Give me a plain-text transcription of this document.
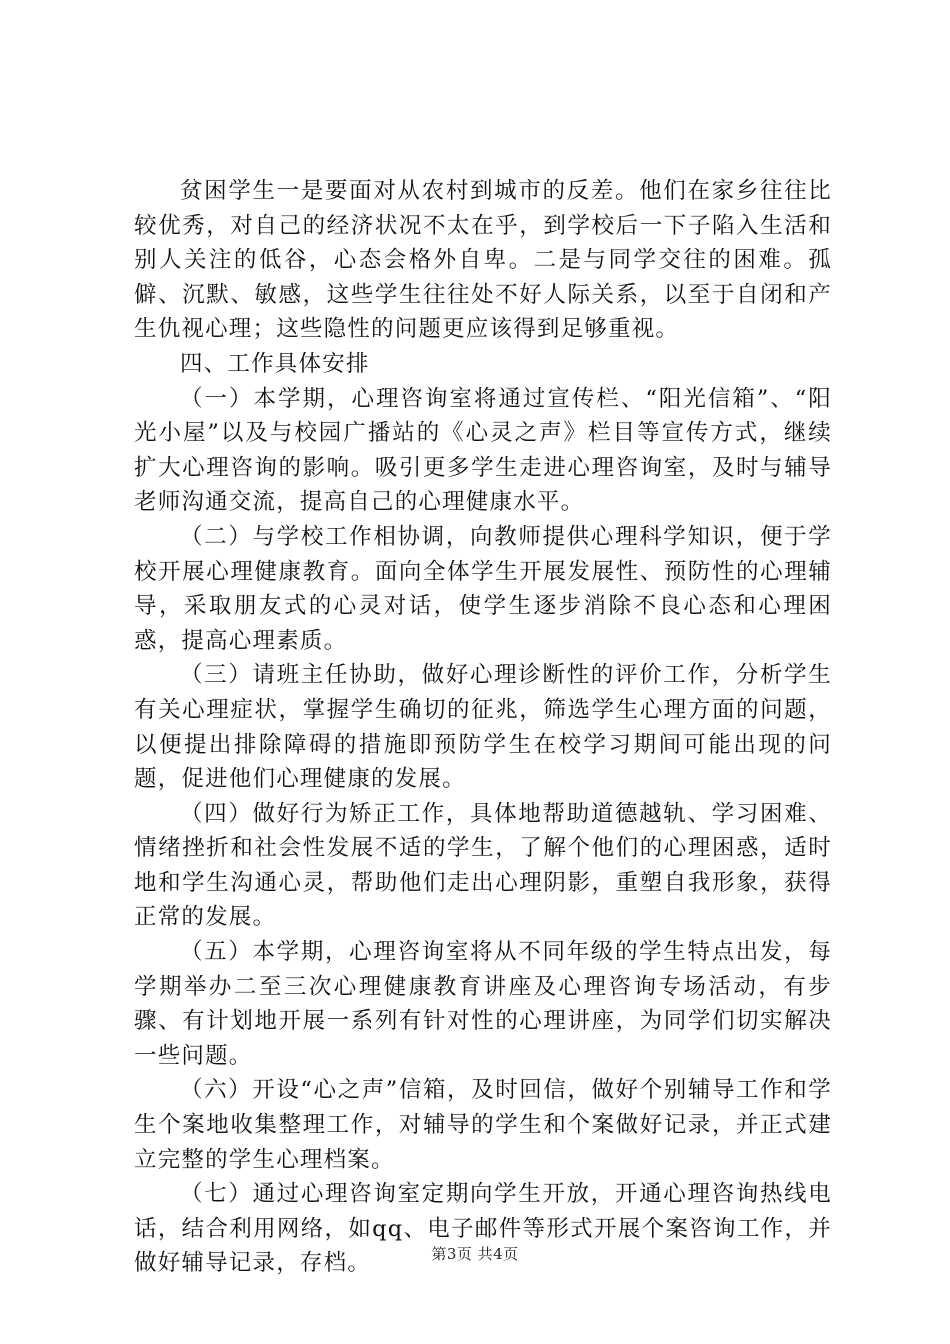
贫困学生一是要面对从农村到城市的反差。他们在家乡往往比较优秀，对自己的经济状况不太在乎，到学校后一下子陷入生活和别人关注的低谷，心态会格外自卑。二是与同学交往的困难。孤僻、沉默、敏感，这些学生往往处不好人际关系，以至于自闭和产生仇视心理；这些隐性的问题更应该得到足够重视。

四、工作具体安排

（一）本学期，心理咨询室将通过宣传栏、“阳光信箱”、“阳光小屋”以及与校园广播站的《心灵之声》栏目等宣传方式，继续扩大心理咨询的影响。吸引更多学生走进心理咨询室，及时与辅导老师沟通交流，提高自己的心理健康水平。

（二）与学校工作相协调，向教师提供心理科学知识，便于学校开展心理健康教育。面向全体学生开展发展性、预防性的心理辅导，采取朋友式的心灵对话，使学生逐步消除不良心态和心理困惑，提高心理素质。

（三）请班主任协助，做好心理诊断性的评价工作，分析学生有关心理症状，掌握学生确切的征兆，筛选学生心理方面的问题，以便提出排除障碍的措施即预防学生在校学习期间可能出现的问题，促进他们心理健康的发展。

（四）做好行为矫正工作，具体地帮助道德越轨、学习困难、情绪挫折和社会性发展不适的学生，了解个他们的心理困惑，适时地和学生沟通心灵，帮助他们走出心理阴影，重塑自我形象，获得正常的发展。

（五）本学期，心理咨询室将从不同年级的学生特点出发，每学期举办二至三次心理健康教育讲座及心理咨询专场活动，有步骤、有计划地开展一系列有针对性的心理讲座，为同学们切实解决一些问题。

（六）开设“心之声”信箱，及时回信，做好个别辅导工作和学生个案地收集整理工作，对辅导的学生和个案做好记录，并正式建立完整的学生心理档案。

（七）通过心理咨询室定期向学生开放，开通心理咨询热线电话，结合利用网络，如qq、电子邮件等形式开展个案咨询工作，并做好辅导记录，存档。	第3页 共4页
